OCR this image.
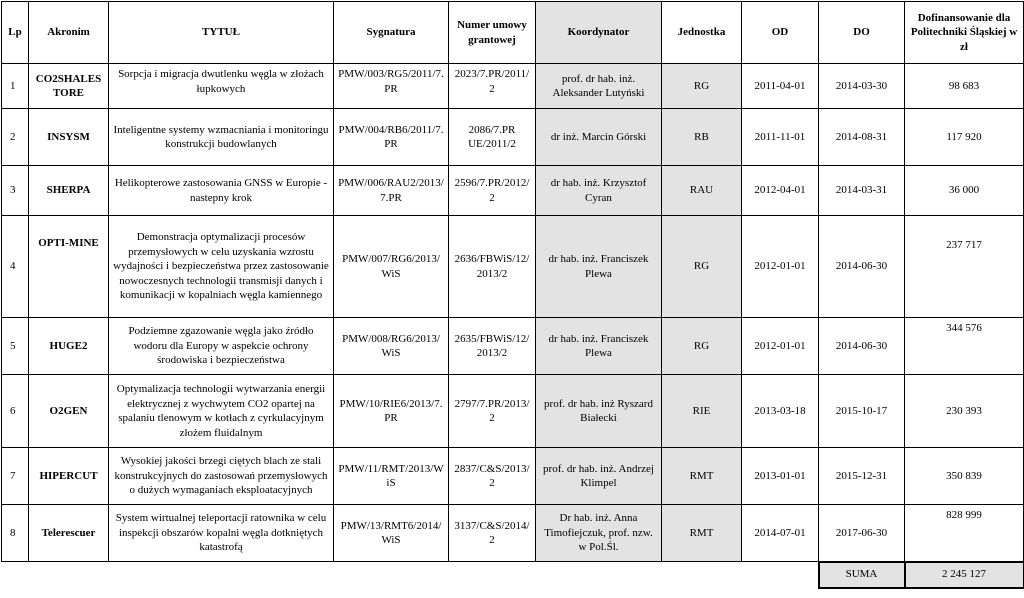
Lp	Akronim	TYTUŁ	Sygnatura	Numer umowy grantowej	Koordynator	Jednostka	OD	DO	Dofinansowanie dla Politechniki Śląskiej w zł
1	CO2SHALES TORE	Sorpcja i migracja dwutlenku węgla w złożach łupkowych	PMW/003/RG5/2011/7. PR	2023/7.PR/2011/ 2	prof. dr hab. inż. Aleksander Lutyński	RG	2011-04-01	2014-03-30	98 683
2	INSYSM	Inteligentne systemy wzmacniania i monitoringu konstrukcji budowlanych	PMW/004/RB6/2011/7. PR	2086/7.PR UE/2011/2	dr inż. Marcin Górski	RB	2011-11-01	2014-08-31	117 920
3	SHERPA	Helikopterowe zastosowania GNSS w Europie - nastepny krok	PMW/006/RAU2/2013/ 7.PR	2596/7.PR/2012/ 2	dr hab. inż. Krzysztof Cyran	RAU	2012-04-01	2014-03-31	36 000
4	OPTI-MINE	Demonstracja optymalizacji procesów przemysłowych w celu uzyskania wzrostu wydajności i bezpieczeństwa przez zastosowanie nowoczesnych technologii transmisji danych i komunikacji w kopalniach węgla kamiennego	PMW/007/RG6/2013/ WiS	2636/FBWiS/12/ 2013/2	dr hab. inż. Franciszek Plewa	RG	2012-01-01	2014-06-30	237 717
5	HUGE2	Podziemne zgazowanie węgla jako źródło wodoru dla Europy w aspekcie ochrony środowiska i bezpieczeństwa	PMW/008/RG6/2013/ WiS	2635/FBWiS/12/ 2013/2	dr hab. inż. Franciszek Plewa	RG	2012-01-01	2014-06-30	344 576
6	O2GEN	Optymalizacja technologii wytwarzania energii elektrycznej z wychwytem CO2 opartej na spalaniu tlenowym w kotłach z cyrkulacyjnym złożem fluidalnym	PMW/10/RIE6/2013/7. PR	2797/7.PR/2013/ 2	prof. dr hab. inż Ryszard Białecki	RIE	2013-03-18	2015-10-17	230 393
7	HIPERCUT	Wysokiej jakości brzegi ciętych blach ze stali konstrukcyjnych do zastosowań przemysłowych o dużych wymaganiach eksploatacyjnych	PMW/11/RMT/2013/W iS	2837/C&S/2013/ 2	prof. dr hab. inż. Andrzej Klimpel	RMT	2013-01-01	2015-12-31	350 839
8	Telerescuer	System wirtualnej teleportacji ratownika w celu inspekcji obszarów kopalni węgla dotkniętych katastrofą	PMW/13/RMT6/2014/ WiS	3137/C&S/2014/ 2	Dr hab. inż. Anna Timofiejczuk, prof. nzw. w Pol.Śl.	RMT	2014-07-01	2017-06-30	828 999
								SUMA	2 245 127
